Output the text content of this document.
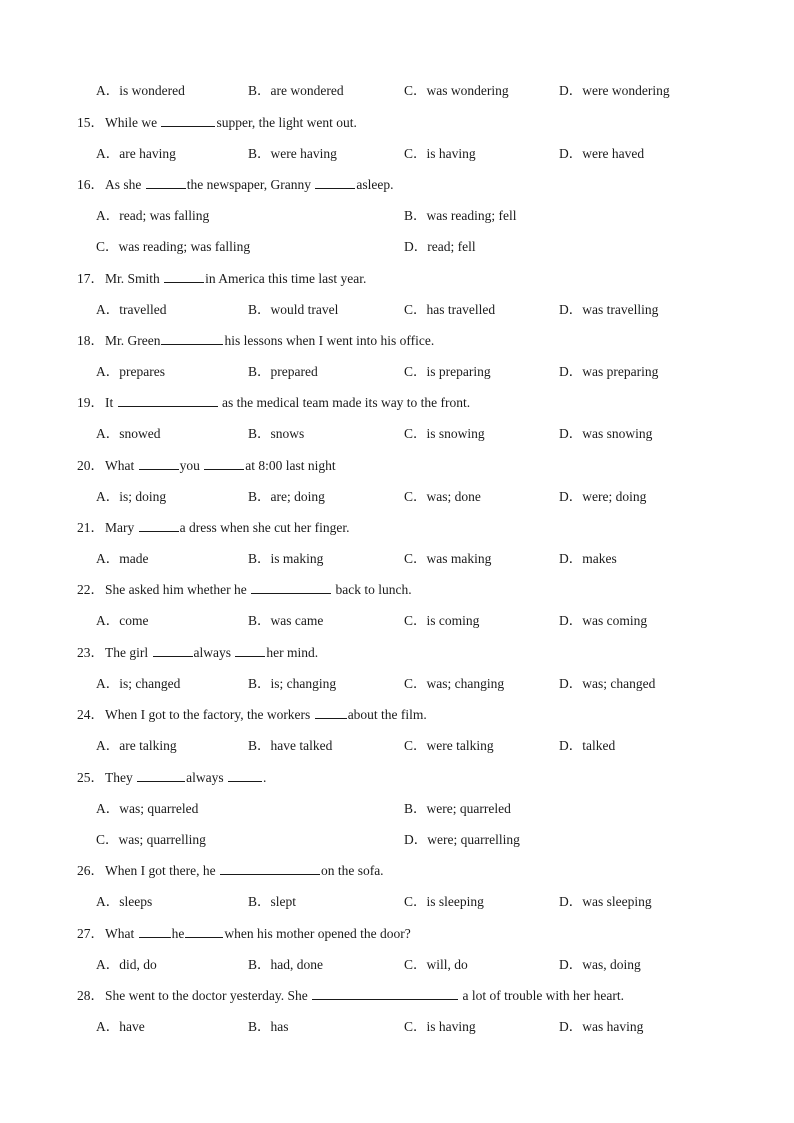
A．is wondered	B．are wondered	C．was wondering	D．were wondering
15． While we	supper, the light went out.
A．are having	B．were having	C．is having	D．were haved
16． As she	the newspaper, Granny	asleep.
A．read; was falling	B．was reading; fell
C．was reading; was falling	D．read; fell
17． Mr. Smith	in America this time last year.
A．travelled	B．would travel	C．has travelled	D．was travelling
18． Mr. Green	his lessons when I went into his office.
A．prepares	B．prepared	C．is preparing	D．was preparing
19． It	as the medical team made its way to the front.
A．snowed	B．snows	C．is snowing	D．was snowing
20． What	you	at 8:00 last night
A．is; doing	B．are; doing	C．was; done	D．were; doing
21． Mary	a dress when she cut her finger.
A．made	B．is making	C．was making	D．makes
22． She asked him whether he	back to lunch.
A．come	B．was came	C．is coming	D．was coming
23． The girl	always her mind.
A．is; changed	B．is; changing	C．was; changing	D．was; changed
24． When I got to the factory, the workers	about the film.
A．are talking	B．have talked	C．were talking	D．talked
25． They	always	.
A．was; quarreled	B．were; quarreled
C．was; quarrelling	D．were; quarrelling
26． When I got there, he	on the sofa.
A．sleeps	B．slept	C．is sleeping	D．was sleeping
27． What	he	when his mother opened the door?
A．did, do	B．had, done	C．will, do	D．was, doing
28． She went to the doctor yesterday. She	a lot of trouble with her heart.
A．have	B．has	C．is having	D．was having
